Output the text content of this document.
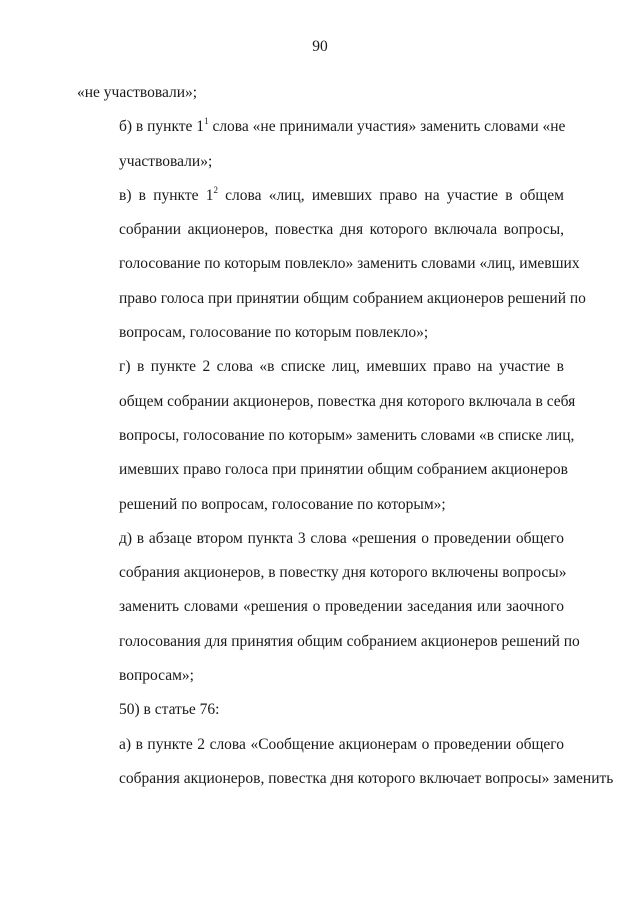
90

«не участвовали»;

б) в пункте $1^1$ слова «не принимали участия» заменить словами «не
участвовали»;

в) в пункте $1^2$ слова «лиц, имевших право на участие в общем
собрании акционеров, повестка дня которого включала вопросы,
голосование по которым повлекло» заменить словами «лиц, имевших
право голоса при принятии общим собранием акционеров решений по
вопросам, голосование по которым повлекло»;

г) в пункте 2 слова «в списке лиц, имевших право на участие в
общем собрании акционеров, повестка дня которого включала в себя
вопросы, голосование по которым» заменить словами «в списке лиц,
имевших право голоса при принятии общим собранием акционеров
решений по вопросам, голосование по которым»;

д) в абзаце втором пункта 3 слова «решения о проведении общего
собрания акционеров, в повестку дня которого включены вопросы»
заменить словами «решения о проведении заседания или заочного
голосования для принятия общим собранием акционеров решений по
вопросам»;

50) в статье 76:

а) в пункте 2 слова «Сообщение акционерам о проведении общего
собрания акционеров, повестка дня которого включает вопросы» заменить
